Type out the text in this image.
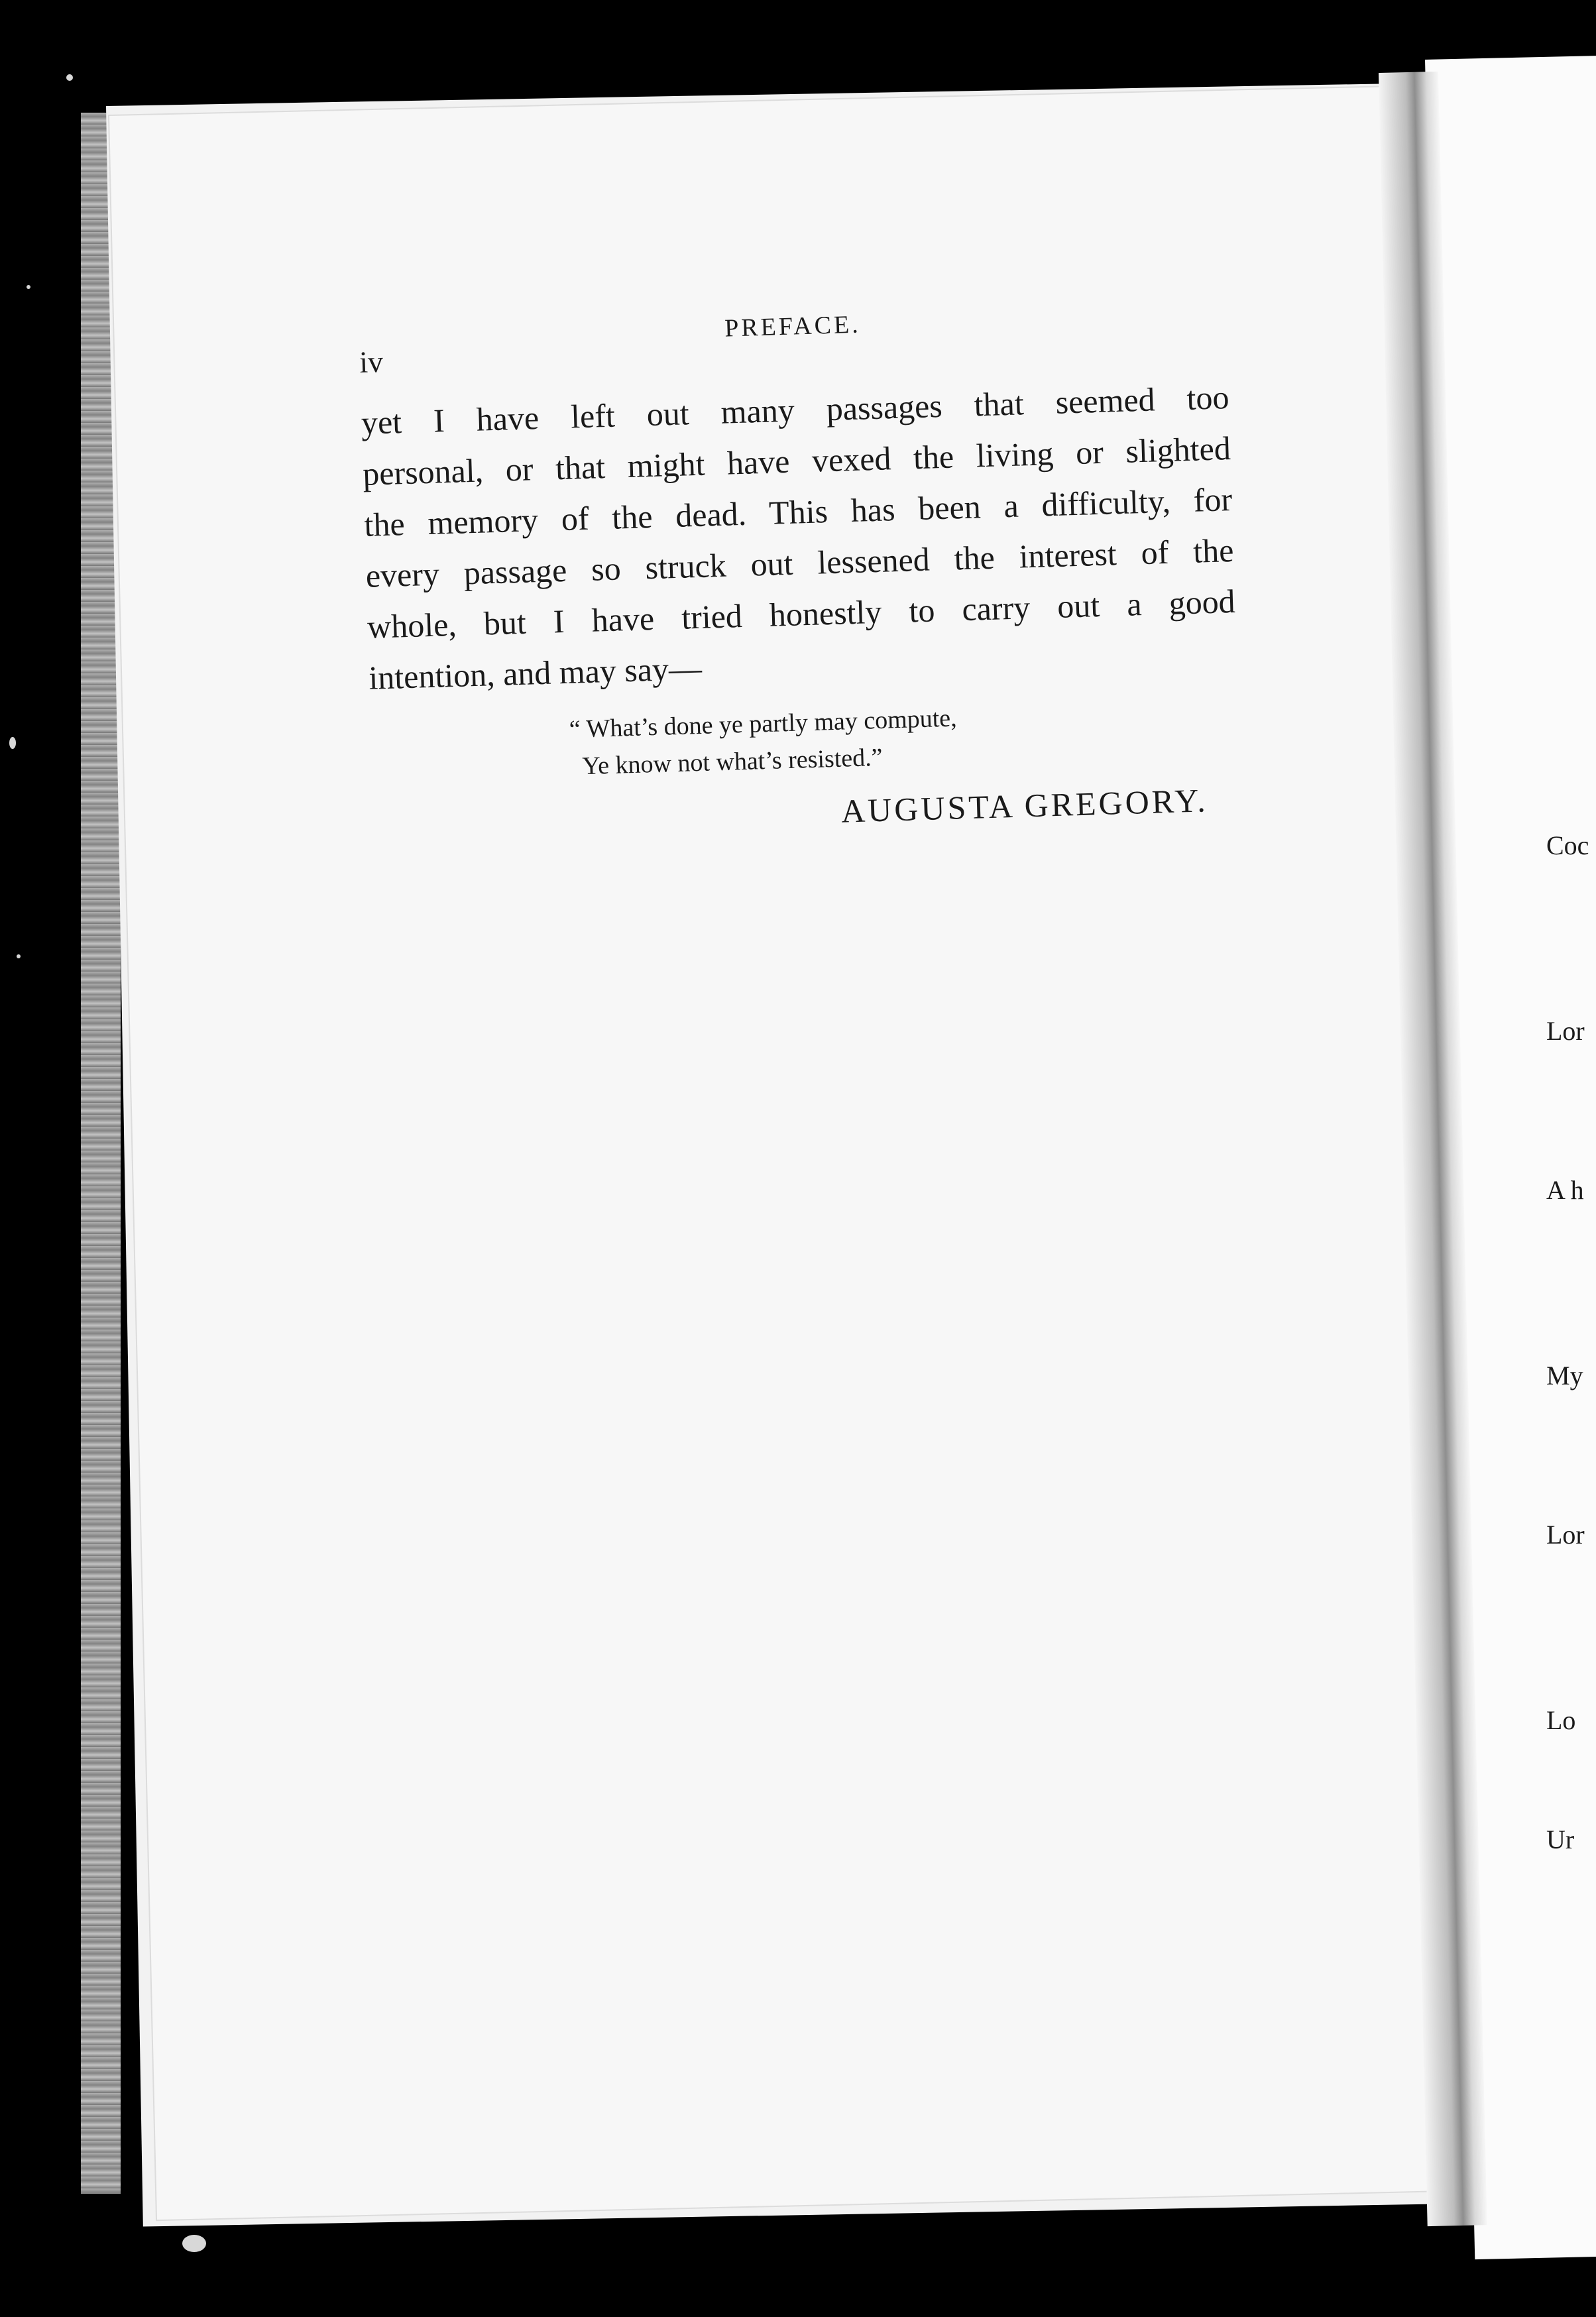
iv
PREFACE.
yet I have left out many passages that seemed too
personal, or that might have vexed the living or slighted
the memory of the dead. This has been a difficulty, for
every passage so struck out lessened the interest of the
whole, but I have tried honestly to carry out a good
intention, and may say—
“ What’s done ye partly may compute,
Ye know not what’s resisted.”
AUGUSTA GREGORY.
Coc
Lor
A h
My
Lor
Lo
Ur
